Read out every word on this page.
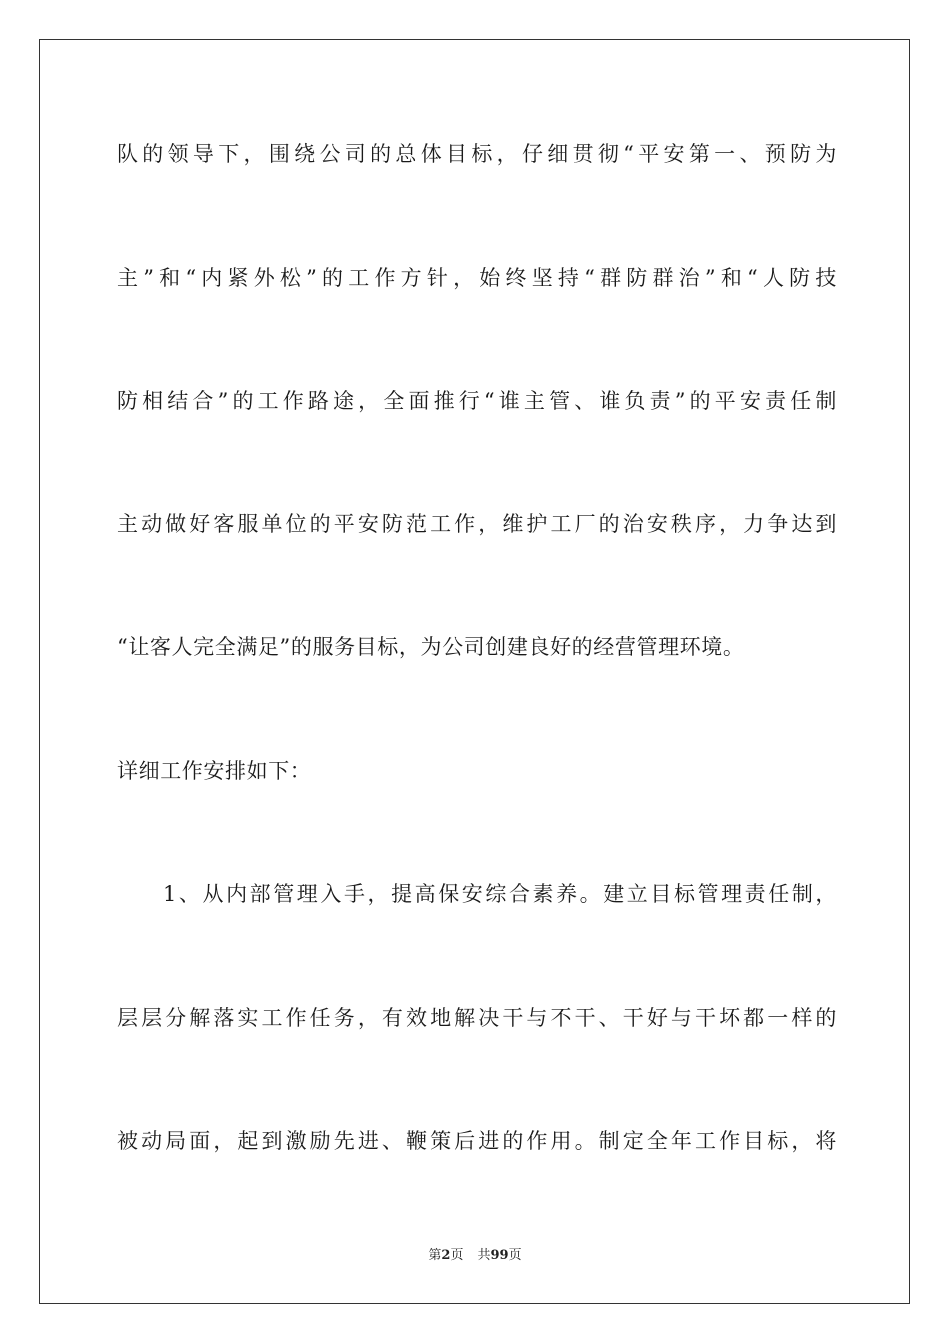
队的领导下，围绕公司的总体目标，仔细贯彻“平安第一、预防为
主”和“内紧外松”的工作方针，始终坚持“群防群治”和“人防技
防相结合”的工作路途，全面推行“谁主管、谁负责”的平安责任制
主动做好客服单位的平安防范工作，维护工厂的治安秩序，力争达到
“让客人完全满足”的服务目标，为公司创建良好的经营管理环境。
详细工作安排如下：
1、从内部管理入手，提高保安综合素养。建立目标管理责任制，
层层分解落实工作任务，有效地解决干与不干、干好与干坏都一样的
被动局面，起到激励先进、鞭策后进的作用。制定全年工作目标，将
第2页 共99页
